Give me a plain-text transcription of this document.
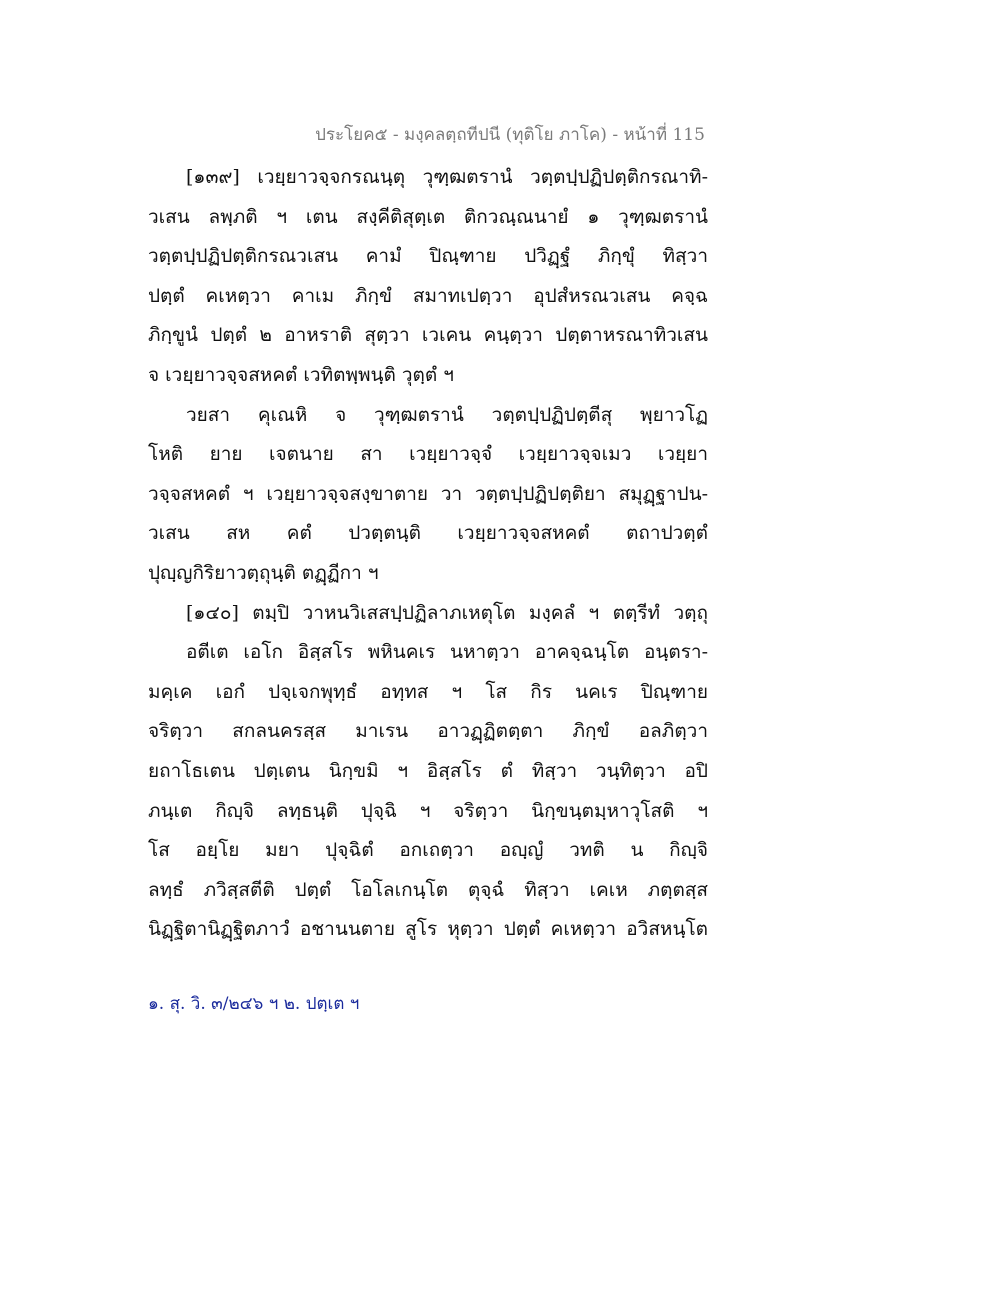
ประโยค๕ - มงฺคลตฺถทีปนี (ทุติโย ภาโค) - หน้าที่ 115
[๑๓๙] เวยฺยาวจฺจกรณนฺตุ วุฑฺฒตรานํ วตฺตปฺปฏิปตฺติกรณาทิ-
วเสน ลพฺภติ ฯ เตน สงฺคีติสุตฺเต ติกวณฺณนายํ ๑ วุฑฺฒตรานํ
วตฺตปฺปฏิปตฺติกรณวเสน คามํ ปิณฺฑาย ปวิฏฺฐํ ภิกฺขุํ ทิสฺวา
ปตฺตํ คเหตฺวา คาเม ภิกฺขํ สมาทเปตฺวา อุปสํหรณวเสน คจฺฉ
ภิกฺขูนํ ปตฺตํ ๒ อาหราติ สุตฺวา เวเคน คนฺตฺวา ปตฺตาหรณาทิวเสน
จ เวยฺยาวจฺจสหคตํ เวทิตพฺพนฺติ วุตฺตํ ฯ
วยสา คุเณหิ จ วุฑฺฒตรานํ วตฺตปฺปฏิปตฺตีสุ พฺยาวโฏ
โหติ ยาย เจตนาย สา เวยฺยาวจฺจํ เวยฺยาวจฺจเมว เวยฺยา
วจฺจสหคตํ ฯ เวยฺยาวจฺจสงฺขาตาย วา วตฺตปฺปฏิปตฺติยา สมุฏฺฐาปน-
วเสน สห คตํ ปวตฺตนฺติ เวยฺยาวจฺจสหคตํ ตถาปวตฺตํ
ปุญฺญกิริยาวตฺถุนฺติ ตฏฺฏีกา ฯ
[๑๔๐] ตมฺปิ วาหนวิเสสปฺปฏิลาภเหตุโต มงฺคลํ ฯ ตตฺรีทํ วตฺถุ
อตีเต เอโก อิสฺสโร พหินคเร นหาตฺวา อาคจฺฉนฺโต อนฺตรา-
มคฺเค เอกํ ปจฺเจกพุทฺธํ อทฺทส ฯ โส กิร นคเร ปิณฺฑาย
จริตฺวา สกลนครสฺส มาเรน อาวฏฺฏิตตฺตา ภิกฺขํ อลภิตฺวา
ยถาโธเตน ปตฺเตน นิกฺขมิ ฯ อิสฺสโร ตํ ทิสฺวา วนฺทิตฺวา อปิ
ภนฺเต กิญฺจิ ลทฺธนฺติ ปุจฺฉิ ฯ จริตฺวา นิกฺขนฺตมฺหาวุโสติ ฯ
โส อยฺโย มยา ปุจฺฉิตํ อกเถตฺวา อญฺญํ วทติ น กิญฺจิ
ลทฺธํ ภวิสฺสตีติ ปตฺตํ โอโลเกนฺโต ตุจฺฉํ ทิสฺวา เคเห ภตฺตสฺส
นิฏฺฐิตานิฏฺฐิตภาวํ อชานนตาย สูโร หุตฺวา ปตฺตํ คเหตฺวา อวิสหนฺโต
๑. สุ. วิ. ๓/๒๔๖ ฯ ๒. ปตฺเต ฯ
